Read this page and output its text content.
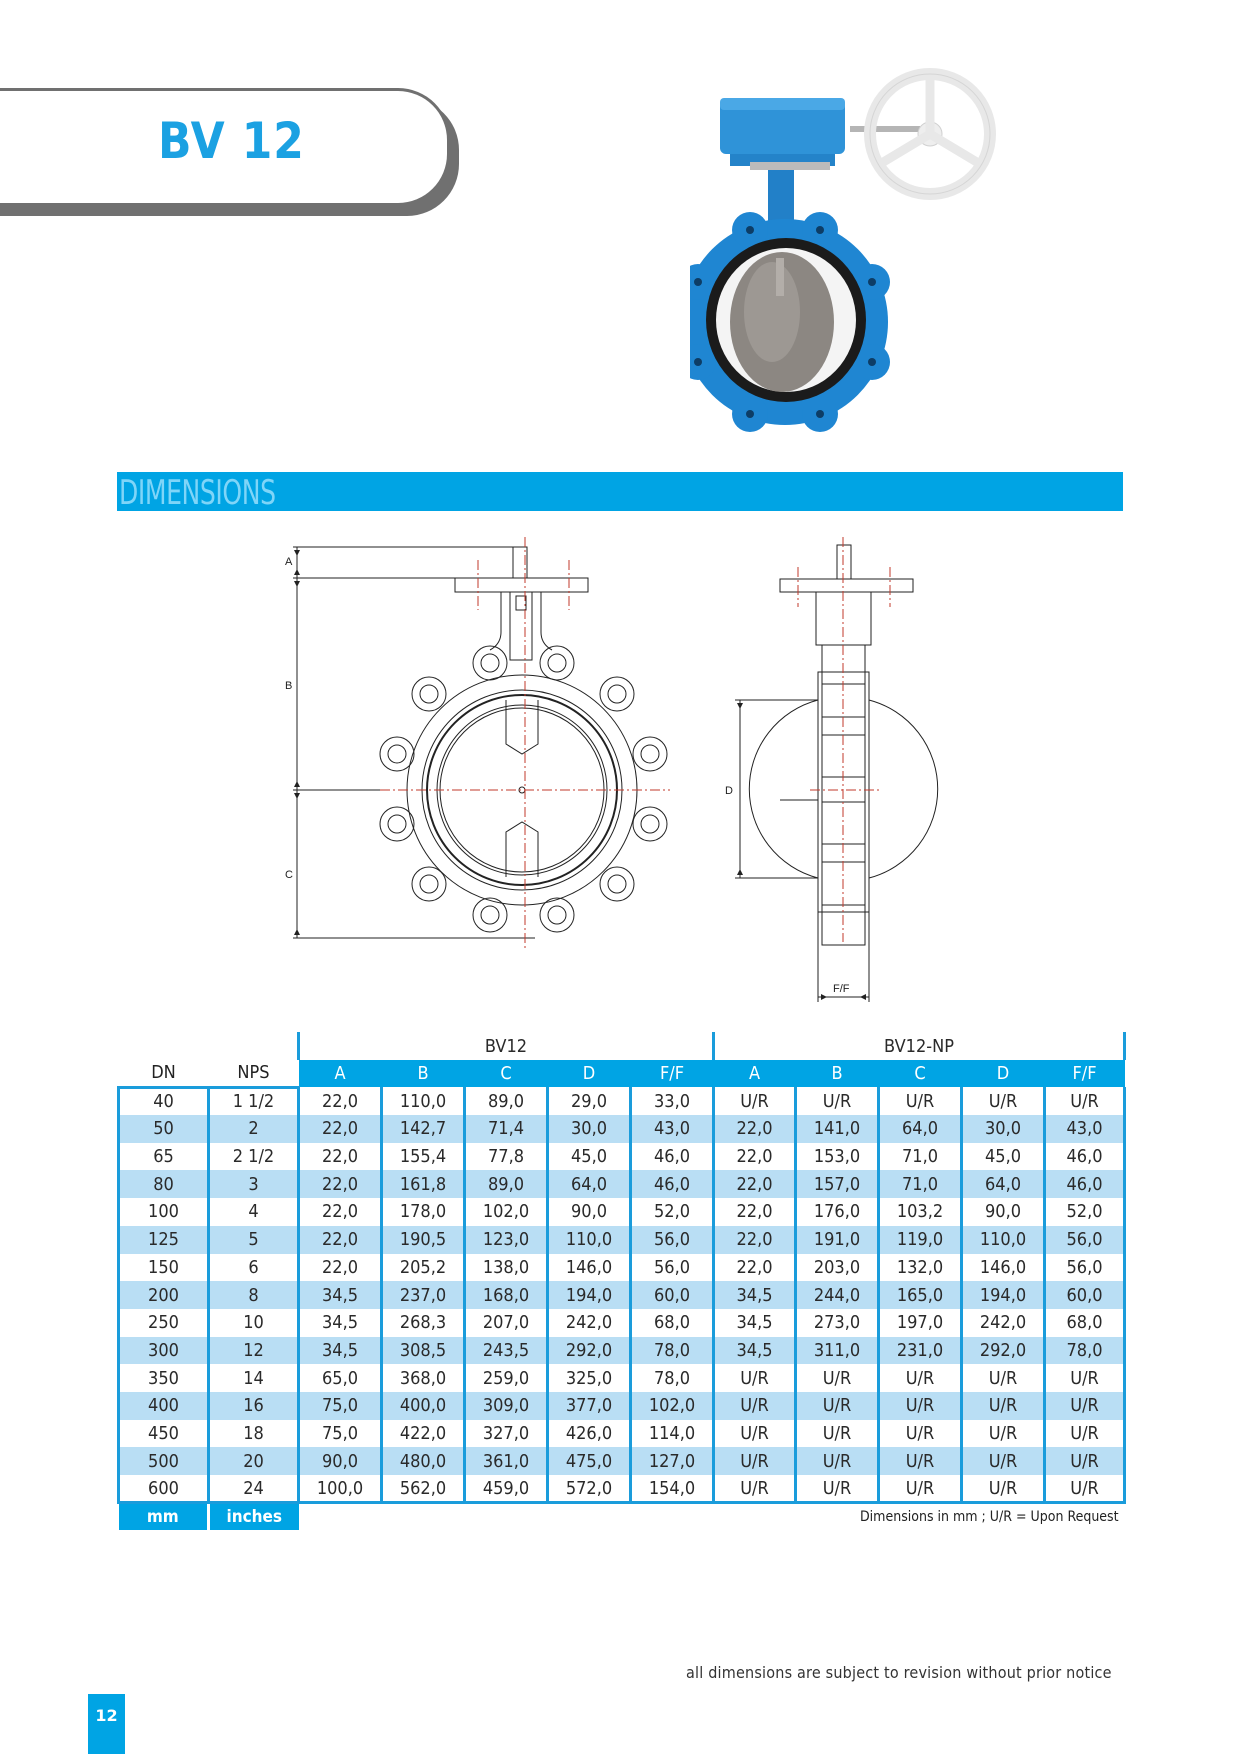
BV 12
DIMENSIONS
A
B
C
D
F/F
		BV12					BV12-NP				
DN	NPS	A	B	C	D	F/F	A	B	C	D	F/F
40	1 1/2	22,0	110,0	89,0	29,0	33,0	U/R	U/R	U/R	U/R	U/R
50	2	22,0	142,7	71,4	30,0	43,0	22,0	141,0	64,0	30,0	43,0
65	2 1/2	22,0	155,4	77,8	45,0	46,0	22,0	153,0	71,0	45,0	46,0
80	3	22,0	161,8	89,0	64,0	46,0	22,0	157,0	71,0	64,0	46,0
100	4	22,0	178,0	102,0	90,0	52,0	22,0	176,0	103,2	90,0	52,0
125	5	22,0	190,5	123,0	110,0	56,0	22,0	191,0	119,0	110,0	56,0
150	6	22,0	205,2	138,0	146,0	56,0	22,0	203,0	132,0	146,0	56,0
200	8	34,5	237,0	168,0	194,0	60,0	34,5	244,0	165,0	194,0	60,0
250	10	34,5	268,3	207,0	242,0	68,0	34,5	273,0	197,0	242,0	68,0
300	12	34,5	308,5	243,5	292,0	78,0	34,5	311,0	231,0	292,0	78,0
350	14	65,0	368,0	259,0	325,0	78,0	U/R	U/R	U/R	U/R	U/R
400	16	75,0	400,0	309,0	377,0	102,0	U/R	U/R	U/R	U/R	U/R
450	18	75,0	422,0	327,0	426,0	114,0	U/R	U/R	U/R	U/R	U/R
500	20	90,0	480,0	361,0	475,0	127,0	U/R	U/R	U/R	U/R	U/R
600	24	100,0	562,0	459,0	572,0	154,0	U/R	U/R	U/R	U/R	U/R
mm	inches	Dimensions in mm ; U/R = Upon Request									
all dimensions are subject to revision without prior notice
12
